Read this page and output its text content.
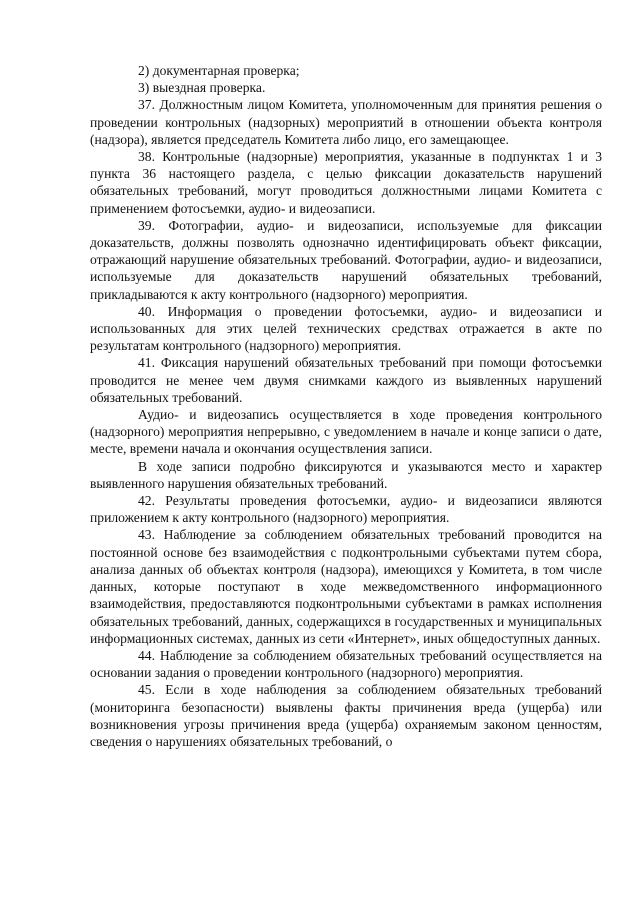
2) документарная проверка;

3) выездная проверка.

37. Должностным лицом Комитета, уполномоченным для принятия решения о проведении контрольных (надзорных) мероприятий в отношении объекта контроля (надзора), является председатель Комитета либо лицо, его замещающее.

38. Контрольные (надзорные) мероприятия, указанные в подпунктах 1 и 3 пункта 36 настоящего раздела, с целью фиксации доказательств нарушений обязательных требований, могут проводиться должностными лицами Комитета с применением фотосъемки, аудио- и видеозаписи.

39. Фотографии, аудио- и видеозаписи, используемые для фиксации доказательств, должны позволять однозначно идентифицировать объект фиксации, отражающий нарушение обязательных требований. Фотографии, аудио- и видеозаписи, используемые для доказательств нарушений обязательных требований, прикладываются к акту контрольного (надзорного) мероприятия.

40. Информация о проведении фотосъемки, аудио- и видеозаписи и использованных для этих целей технических средствах отражается в акте по результатам контрольного (надзорного) мероприятия.

41. Фиксация нарушений обязательных требований при помощи фотосъемки проводится не менее чем двумя снимками каждого из выявленных нарушений обязательных требований.

Аудио- и видеозапись осуществляется в ходе проведения контрольного (надзорного) мероприятия непрерывно, с уведомлением в начале и конце записи о дате, месте, времени начала и окончания осуществления записи.

В ходе записи подробно фиксируются и указываются место и характер выявленного нарушения обязательных требований.

42. Результаты проведения фотосъемки, аудио- и видеозаписи являются приложением к акту контрольного (надзорного) мероприятия.

43. Наблюдение за соблюдением обязательных требований проводится на постоянной основе без взаимодействия с подконтрольными субъектами путем сбора, анализа данных об объектах контроля (надзора), имеющихся у Комитета, в том числе данных, которые поступают в ходе межведомственного информационного взаимодействия, предоставляются подконтрольными субъектами в рамках исполнения обязательных требований, данных, содержащихся в государственных и муниципальных информационных системах, данных из сети «Интернет», иных общедоступных данных.

44. Наблюдение за соблюдением обязательных требований осуществляется на основании задания о проведении контрольного (надзорного) мероприятия.

45. Если в ходе наблюдения за соблюдением обязательных требований (мониторинга безопасности) выявлены факты причинения вреда (ущерба) или возникновения угрозы причинения вреда (ущерба) охраняемым законом ценностям, сведения о нарушениях обязательных требований, о
